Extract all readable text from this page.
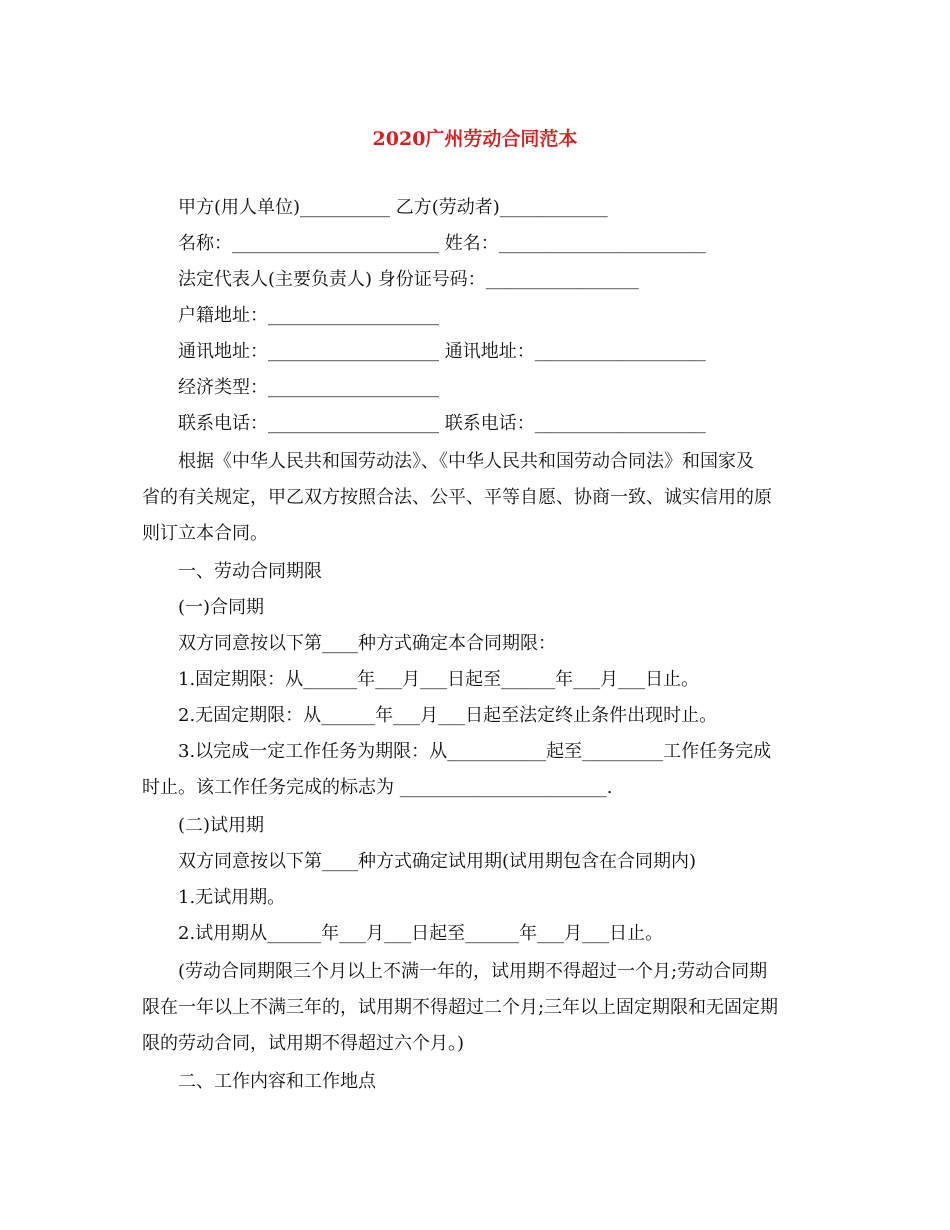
2020广州劳动合同范本
甲方(用人单位)__________ 乙方(劳动者)____________
名称：_______________________ 姓名：_______________________
法定代表人(主要负责人) 身份证号码：_________________
户籍地址：___________________
通讯地址：___________________ 通讯地址：___________________
经济类型：___________________
联系电话：___________________ 联系电话：___________________
根据《中华人民共和国劳动法》、《中华人民共和国劳动合同法》和国家及
省的有关规定，甲乙双方按照合法、公平、平等自愿、协商一致、诚实信用的原
则订立本合同。
一、劳动合同期限
(一)合同期
双方同意按以下第____种方式确定本合同期限：
1.固定期限：从______年___月___日起至______年___月___日止。
2.无固定期限：从______年___月___日起至法定终止条件出现时止。
3.以完成一定工作任务为期限：从___________起至_________工作任务完成
时止。该工作任务完成的标志为 _______________________.
(二)试用期
双方同意按以下第____种方式确定试用期(试用期包含在合同期内)
1.无试用期。
2.试用期从______年___月___日起至______年___月___日止。
(劳动合同期限三个月以上不满一年的，试用期不得超过一个月;劳动合同期
限在一年以上不满三年的，试用期不得超过二个月;三年以上固定期限和无固定期
限的劳动合同，试用期不得超过六个月。)
二、工作内容和工作地点
